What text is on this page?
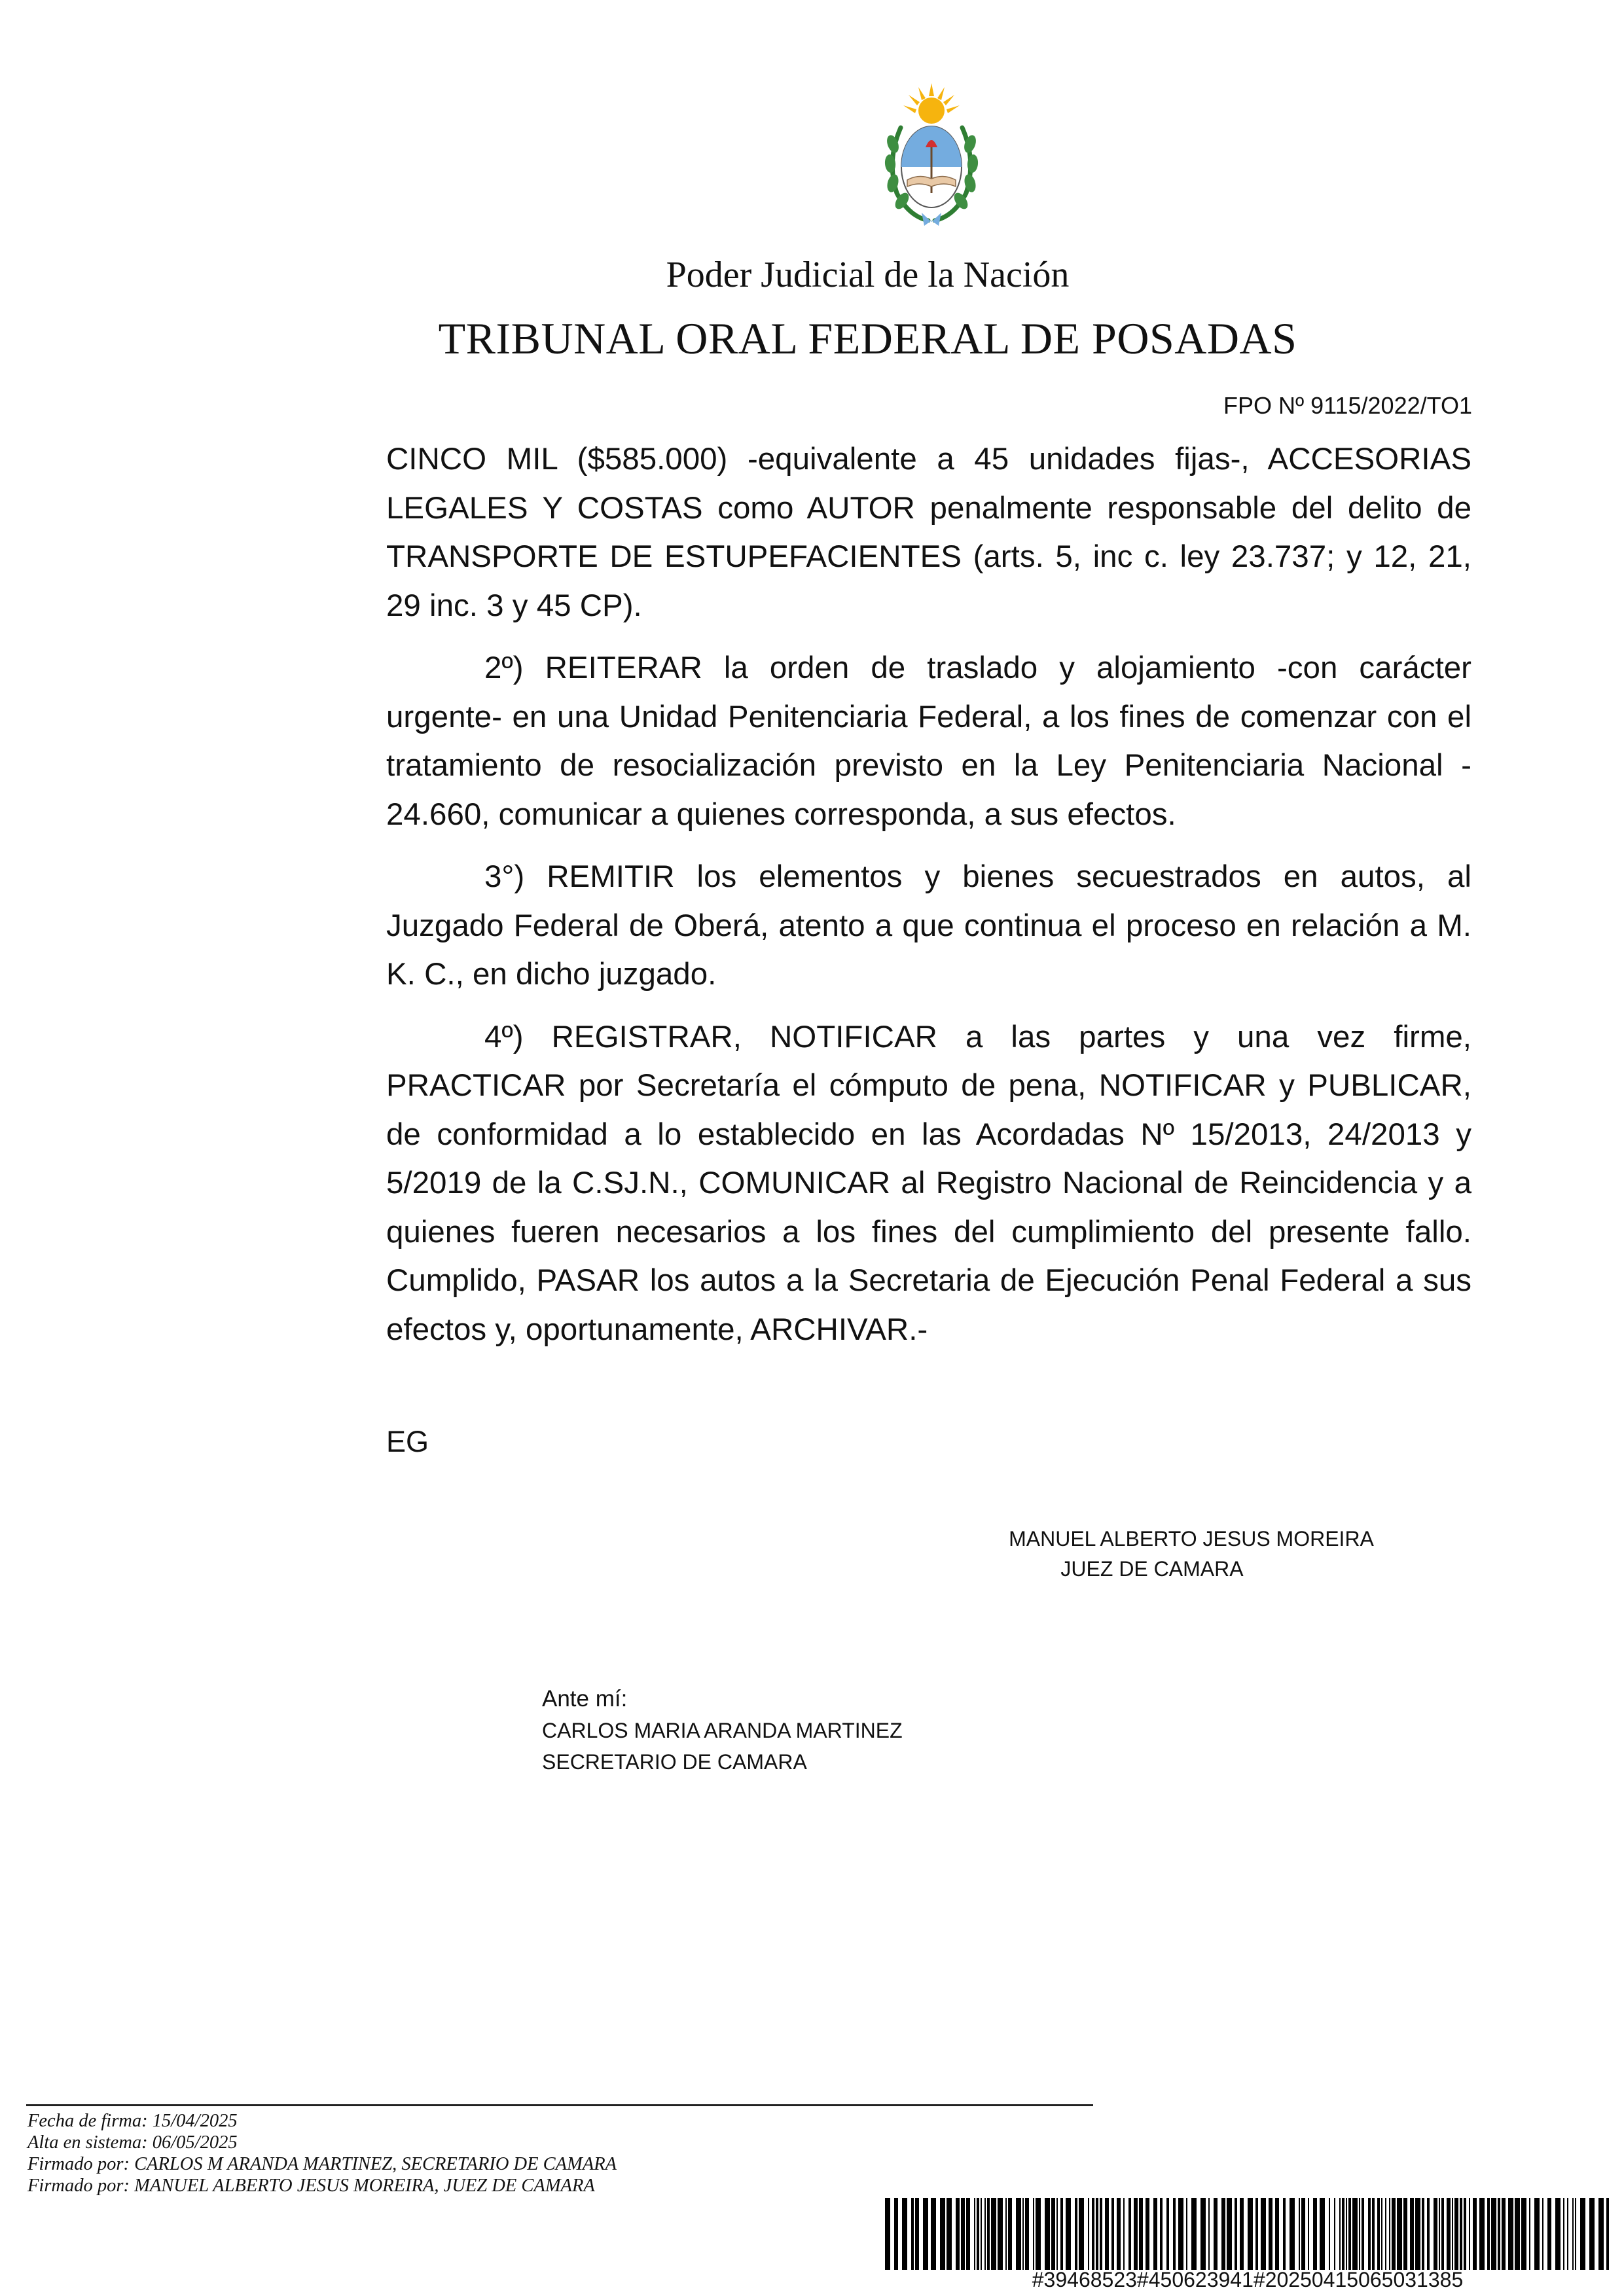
Poder Judicial de la Nación
TRIBUNAL ORAL FEDERAL DE POSADAS
FPO Nº 9115/2022/TO1

CINCO MIL ($585.000) -equivalente a 45 unidades fijas-, ACCESORIAS LEGALES Y COSTAS como AUTOR penalmente responsable del delito de TRANSPORTE DE ESTUPEFACIENTES (arts. 5, inc c. ley 23.737; y 12, 21, 29 inc. 3 y 45 CP).

2º) REITERAR la orden de traslado y alojamiento -con carácter urgente- en una Unidad Penitenciaria Federal, a los fines de comenzar con el tratamiento de resocialización previsto en la Ley Penitenciaria Nacional - 24.660, comunicar a quienes corresponda, a sus efectos.

3°) REMITIR los elementos y bienes secuestrados en autos, al Juzgado Federal de Oberá, atento a que continua el proceso en relación a M. K. C., en dicho juzgado.

4º) REGISTRAR, NOTIFICAR a las partes y una vez firme, PRACTICAR por Secretaría el cómputo de pena, NOTIFICAR y PUBLICAR, de conformidad a lo establecido en las Acordadas Nº 15/2013, 24/2013 y 5/2019 de la C.SJ.N., COMUNICAR al Registro Nacional de Reincidencia y a quienes fueren necesarios a los fines del cumplimiento del presente fallo. Cumplido, PASAR los autos a la Secretaria de Ejecución Penal Federal a sus efectos y, oportunamente, ARCHIVAR.-

EG
MANUEL ALBERTO JESUS MOREIRA
JUEZ DE CAMARA
Ante mí:
CARLOS MARIA ARANDA MARTINEZ
SECRETARIO DE CAMARA
Fecha de firma: 15/04/2025
Alta en sistema: 06/05/2025
Firmado por: CARLOS M ARANDA MARTINEZ, SECRETARIO DE CAMARA
Firmado por: MANUEL ALBERTO JESUS MOREIRA, JUEZ DE CAMARA
#39468523#450623941#20250415065031385
